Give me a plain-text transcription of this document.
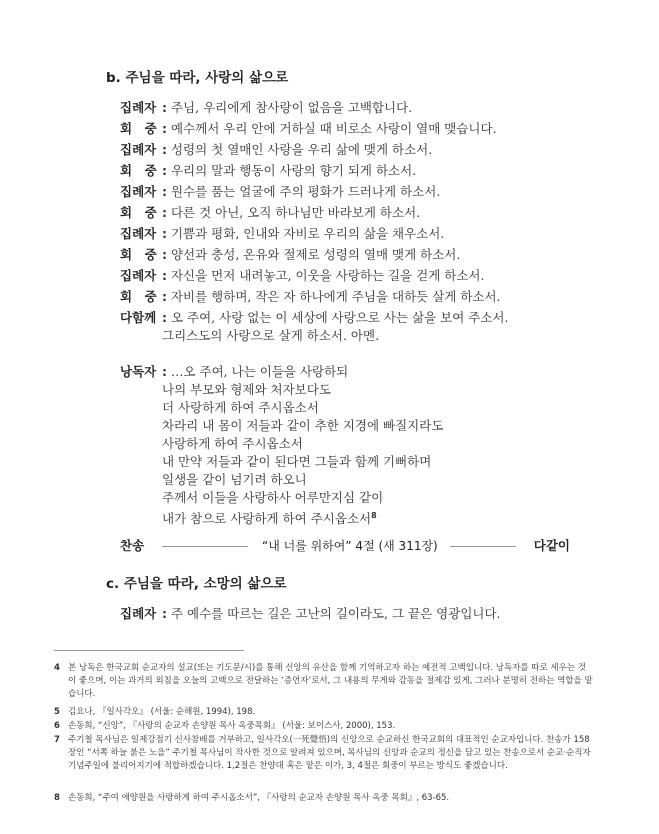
b. 주님을 따라, 사랑의 삶으로
집례자 : 주님, 우리에게 참사랑이 없음을 고백합니다.
회　중 : 예수께서 우리 안에 거하실 때 비로소 사랑이 열매 맺습니다.
집례자 : 성령의 첫 열매인 사랑을 우리 삶에 맺게 하소서.
회　중 : 우리의 말과 행동이 사랑의 향기 되게 하소서.
집례자 : 원수를 품는 얼굴에 주의 평화가 드러나게 하소서.
회　중 : 다른 것 아닌, 오직 하나님만 바라보게 하소서.
집례자 : 기쁨과 평화, 인내와 자비로 우리의 삶을 채우소서.
회　중 : 양선과 충성, 온유와 절제로 성령의 열매 맺게 하소서.
집례자 : 자신을 먼저 내려놓고, 이웃을 사랑하는 길을 걷게 하소서.
회　중 : 자비를 행하며, 작은 자 하나에게 주님을 대하듯 살게 하소서.
다함께 : 오 주여, 사랑 없는 이 세상에 사랑으로 사는 삶을 보여 주소서.
그리스도의 사랑으로 살게 하소서. 아멘.
낭독자 : …오 주여, 나는 이들을 사랑하되
나의 부모와 형제와 처자보다도
더 사랑하게 하여 주시옵소서
차라리 내 몸이 저들과 같이 추한 지경에 빠질지라도
사랑하게 하여 주시옵소서
내 만약 저들과 같이 된다면 그들과 함께 기뻐하며
일생을 같이 넘기려 하오니
주께서 이들을 사랑하사 어루만지심 같이
내가 참으로 사랑하게 하여 주시옵소서$^8$
찬송	“내 너를 위하여” 4절 (새 311장)	다같이
c. 주님을 따라, 소망의 삶으로
집례자 : 주 예수를 따르는 길은 고난의 길이라도, 그 끝은 영광입니다.
4 본 낭독은 한국교회 순교자의 설교(또는 기도문/시)를 통해 신앙의 유산을 함께 기억하고자 하는 예전적 고백입니다. 낭독자를 따로 세우는 것이 좋으며, 이는 과거의 외침을 오늘의 고백으로 전달하는 ‘증언자’로서, 그 내용의 무게와 감동을 절제감 있게, 그러나 분명히 전하는 역할을 맡습니다.
5 김요나, 『일사각오』 (서울: 순해원, 1994), 198.
6 손동희, “신앙”, 『사랑의 순교자 손양원 목사 옥중목회』 (서울: 보이스사, 2000), 153.
7 주기철 목사님은 일제강점기 신사참배를 거부하고, 일사각오(一死覺悟)의 신앙으로 순교하신 한국교회의 대표적인 순교자입니다. 찬송가 158장인 “서쪽 하늘 붉은 노을” 주기철 목사님이 작사한 것으로 알려져 있으며, 목사님의 신앙과 순교의 정신을 담고 있는 찬송으로서 순교·순직자기념주일에 불리어지기에 적합하겠습니다. 1,2절은 찬양대 혹은 맡은 이가, 3, 4절은 회중이 부르는 방식도 좋겠습니다.
8 손동희, “주여 애양원을 사랑하게 하여 주시옵소서”, 『사랑의 순교자 손양원 목사 옥중 목회』, 63-65.
